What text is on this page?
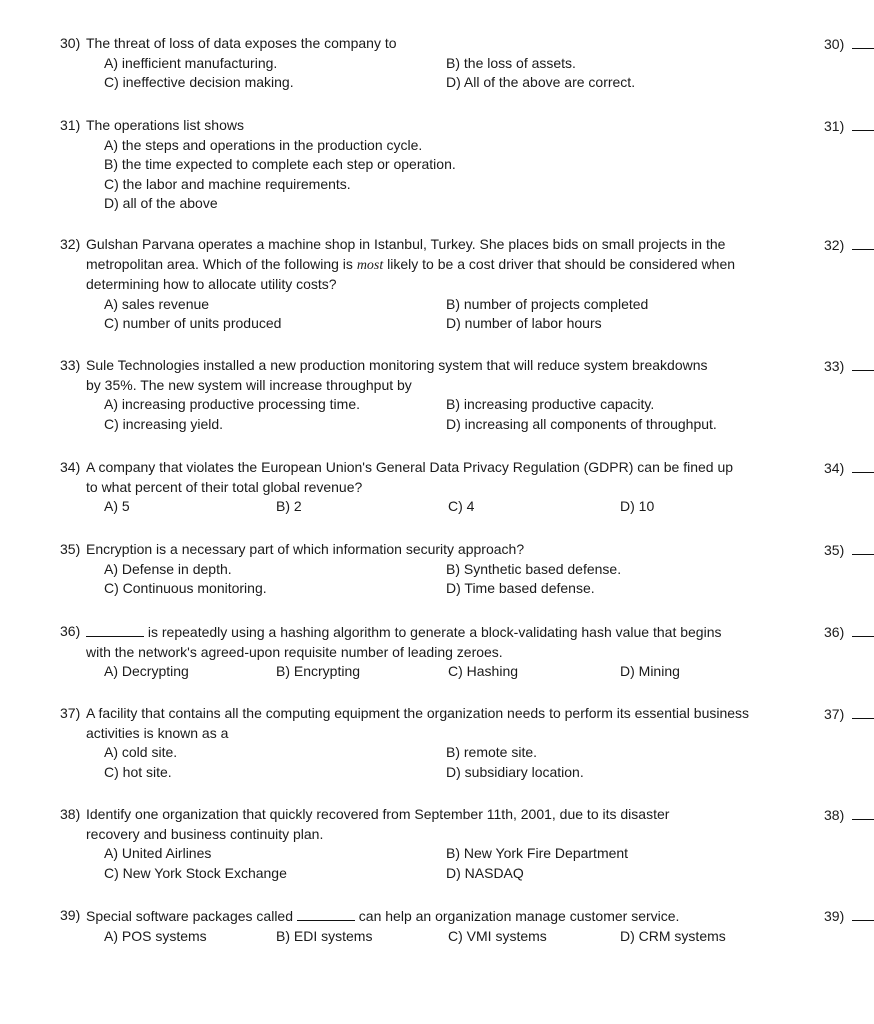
30) The threat of loss of data exposes the company to	30)
A) inefficient manufacturing.	B) the loss of assets.
C) ineffective decision making.	D) All of the above are correct.
31) The operations list shows	31)
A) the steps and operations in the production cycle.
B) the time expected to complete each step or operation.
C) the labor and machine requirements.
D) all of the above
32) Gulshan Parvana operates a machine shop in Istanbul, Turkey. She places bids on small projects in the metropolitan area. Which of the following is most likely to be a cost driver that should be considered when determining how to allocate utility costs?
32)
A) sales revenue	B) number of projects completed
C) number of units produced	D) number of labor hours
33) Sule Technologies installed a new production monitoring system that will reduce system breakdowns by 35%. The new system will increase throughput by
33)
A) increasing productive processing time.	B) increasing productive capacity.
C) increasing yield.	D) increasing all components of throughput.
34) A company that violates the European Union's General Data Privacy Regulation (GDPR) can be fined up to what percent of their total global revenue?
34)
A) 5	B) 2	C) 4	D) 10
35) Encryption is a necessary part of which information security approach?	35)
A) Defense in depth.	B) Synthetic based defense.
C) Continuous monitoring.	D) Time based defense.
36)	is repeatedly using a hashing algorithm to generate a block-validating hash value that begins with the network's agreed-upon requisite number of leading zeroes.
36)
A) Decrypting	B) Encrypting	C) Hashing	D) Mining
37) A facility that contains all the computing equipment the organization needs to perform its essential business activities is known as a
37)
A) cold site.	B) remote site.
C) hot site.	D) subsidiary location.
38) Identify one organization that quickly recovered from September 11th, 2001, due to its disaster recovery and business continuity plan.
38)
A) United Airlines	B) New York Fire Department
C) New York Stock Exchange	D) NASDAQ
39) Special software packages called	can help an organization manage customer service.	39)
A) POS systems	B) EDI systems	C) VMI systems	D) CRM systems
